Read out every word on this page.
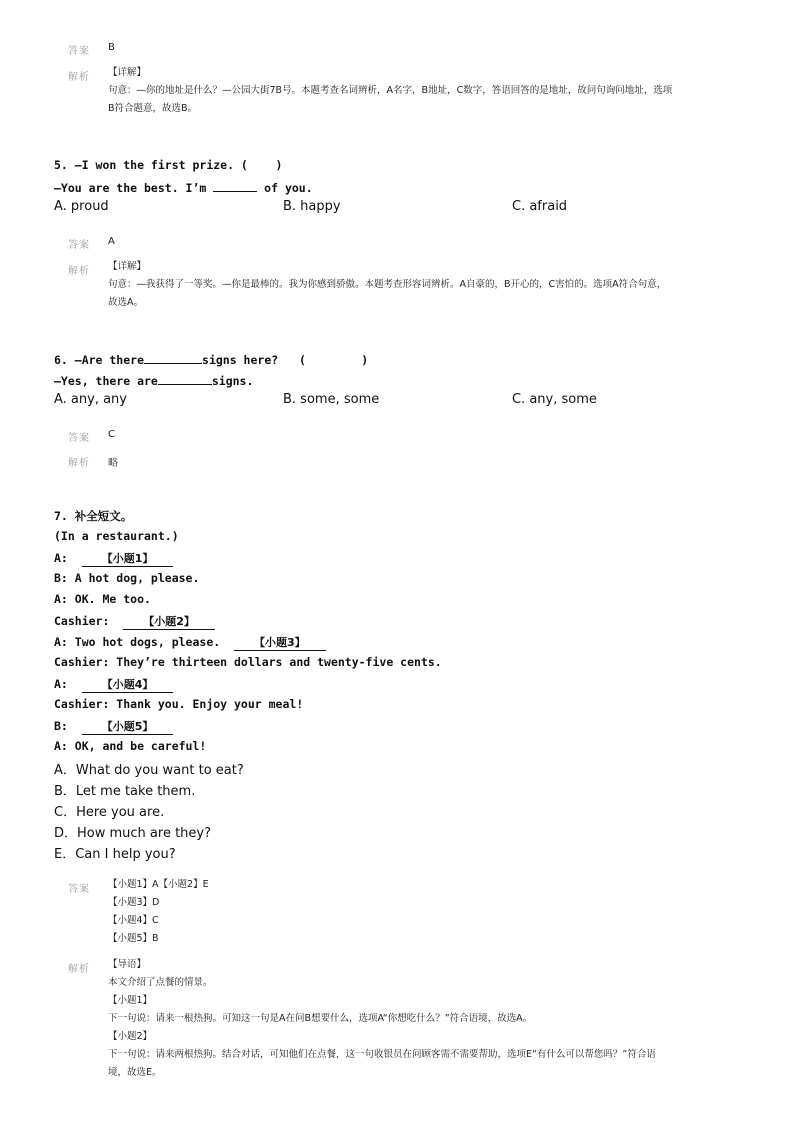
答案 B
解析 【详解】
句意：—你的地址是什么？—公园大街7B号。本题考查名词辨析，A名字，B地址，C数字，答语回答的是地址，故问句询问地址，选项
B符合题意，故选B。
5. —I won the first prize. (    )
—You are the best. I’m	of you.
A. proud	B. happy	C. afraid
答案 A
解析 【详解】
句意：—我获得了一等奖。—你是最棒的。我为你感到骄傲。本题考查形容词辨析。A自豪的，B开心的，C害怕的。选项A符合句意，
故选A。
6. —Are there	signs here?   (        )
—Yes, there are	signs.
A. any, any	B. some, some	C. any, some
答案 C
解析 略
7. 补全短文。
(In a restaurant.)
A:  【小题1】
B: A hot dog, please.
A: OK. Me too.
Cashier:  【小题2】
A: Two hot dogs, please.  【小题3】
Cashier: They’re thirteen dollars and twenty-five cents.
A:  【小题4】
Cashier: Thank you. Enjoy your meal!
B:  【小题5】
A: OK, and be careful!
A．What do you want to eat?
B．Let me take them.
C．Here you are.
D．How much are they?
E．Can I help you?
答案 【小题1】A【小题2】E
【小题3】D
【小题4】C
【小题5】B
解析 【导语】
本文介绍了点餐的情景。
【小题1】
下一句说：请来一根热狗。可知这一句是A在问B想要什么，选项A“你想吃什么？”符合语境，故选A。
【小题2】
下一句说：请来两根热狗。结合对话，可知他们在点餐，这一句收银员在问顾客需不需要帮助，选项E“有什么可以帮您吗？”符合语
境，故选E。
